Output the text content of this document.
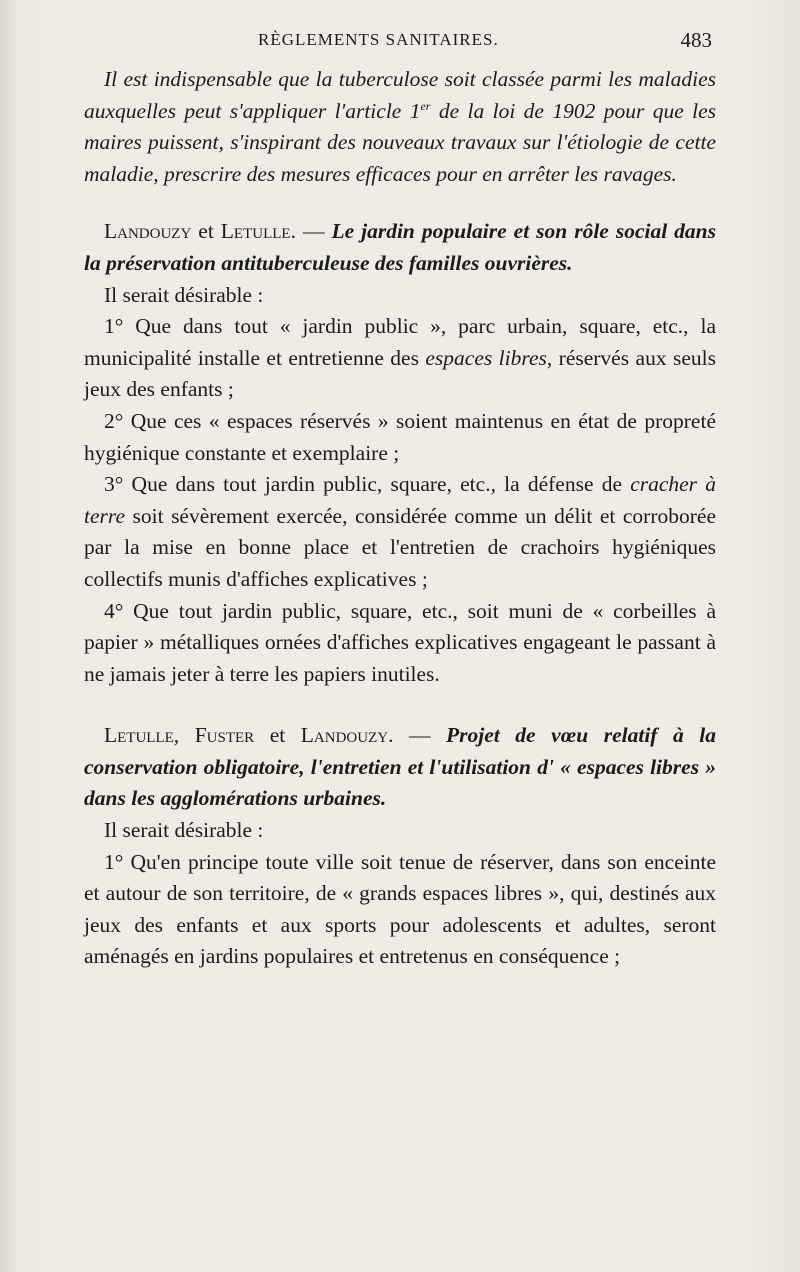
RÈGLEMENTS SANITAIRES.	483

Il est indispensable que la tuberculose soit classée parmi les maladies auxquelles peut s'appliquer l'article 1er de la loi de 1902 pour que les maires puissent, s'inspirant des nouveaux travaux sur l'étiologie de cette maladie, prescrire des mesures efficaces pour en arrêter les ravages.

Landouzy et Letulle. — Le jardin populaire et son rôle social dans la préservation antituberculeuse des familles ouvrières.

Il serait désirable :

1° Que dans tout « jardin public », parc urbain, square, etc., la municipalité installe et entretienne des espaces libres, réservés aux seuls jeux des enfants ;

2° Que ces « espaces réservés » soient maintenus en état de propreté hygiénique constante et exemplaire ;

3° Que dans tout jardin public, square, etc., la défense de cracher à terre soit sévèrement exercée, considérée comme un délit et corroborée par la mise en bonne place et l'entretien de crachoirs hygiéniques collectifs munis d'affiches explicatives ;

4° Que tout jardin public, square, etc., soit muni de « corbeilles à papier » métalliques ornées d'affiches explicatives engageant le passant à ne jamais jeter à terre les papiers inutiles.

Letulle, Fuster et Landouzy. — Projet de vœu relatif à la conservation obligatoire, l'entretien et l'utilisation d' « espaces libres » dans les agglomérations urbaines.

Il serait désirable :

1° Qu'en principe toute ville soit tenue de réserver, dans son enceinte et autour de son territoire, de « grands espaces libres », qui, destinés aux jeux des enfants et aux sports pour adolescents et adultes, seront aménagés en jardins populaires et entretenus en conséquence ;
